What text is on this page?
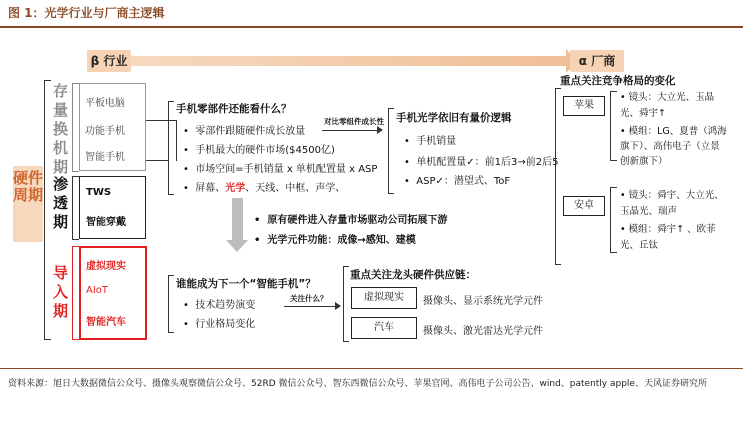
图 1：光学行业与厂商主逻辑
β 行业	α 厂商
硬件周期
存量换机期
平板电脑
功能手机
智能手机
渗透期
TWS
智能穿戴
导入期
虚拟现实
AIoT
智能汽车
手机零部件还能看什么？
•  零部件跟随硬件成长放量
•  手机最大的硬件市场($4500亿)
•  市场空间=手机销量 x 单机配置量 x ASP
•  屏幕、光学、天线、中框、声学、
对比零组件成长性 手机光学依旧有量价逻辑
•  手机销量
•  单机配置量✓：前1后3→前2后5
•  ASP✓：潜望式、ToF
•  原有硬件进入存量市场驱动公司拓展下游
•  光学元件功能：成像→感知、建模
谁能成为下一个“智能手机”？
•  技术趋势演变
•  行业格局变化
关注什么？
重点关注龙头硬件供应链：
虚拟现实	摄像头、显示系统光学元件
汽车	摄像头、激光雷达光学元件
重点关注竞争格局的变化
苹果
• 镜头：大立光、玉晶光、舜宇↑
• 模组：LG、夏普（鸿海旗下）、高伟电子（立景创新旗下）
安卓
• 镜头：舜宇、大立光、玉晶光、瑞声
• 模组：舜宇↑ 、欧菲光、丘钛
资料来源：旭日大数据微信公众号、摄像头观察微信公众号、52RD 微信公众号、智东西微信公众号、苹果官网、高伟电子公司公告、wind、patently apple、天风证券研究所
